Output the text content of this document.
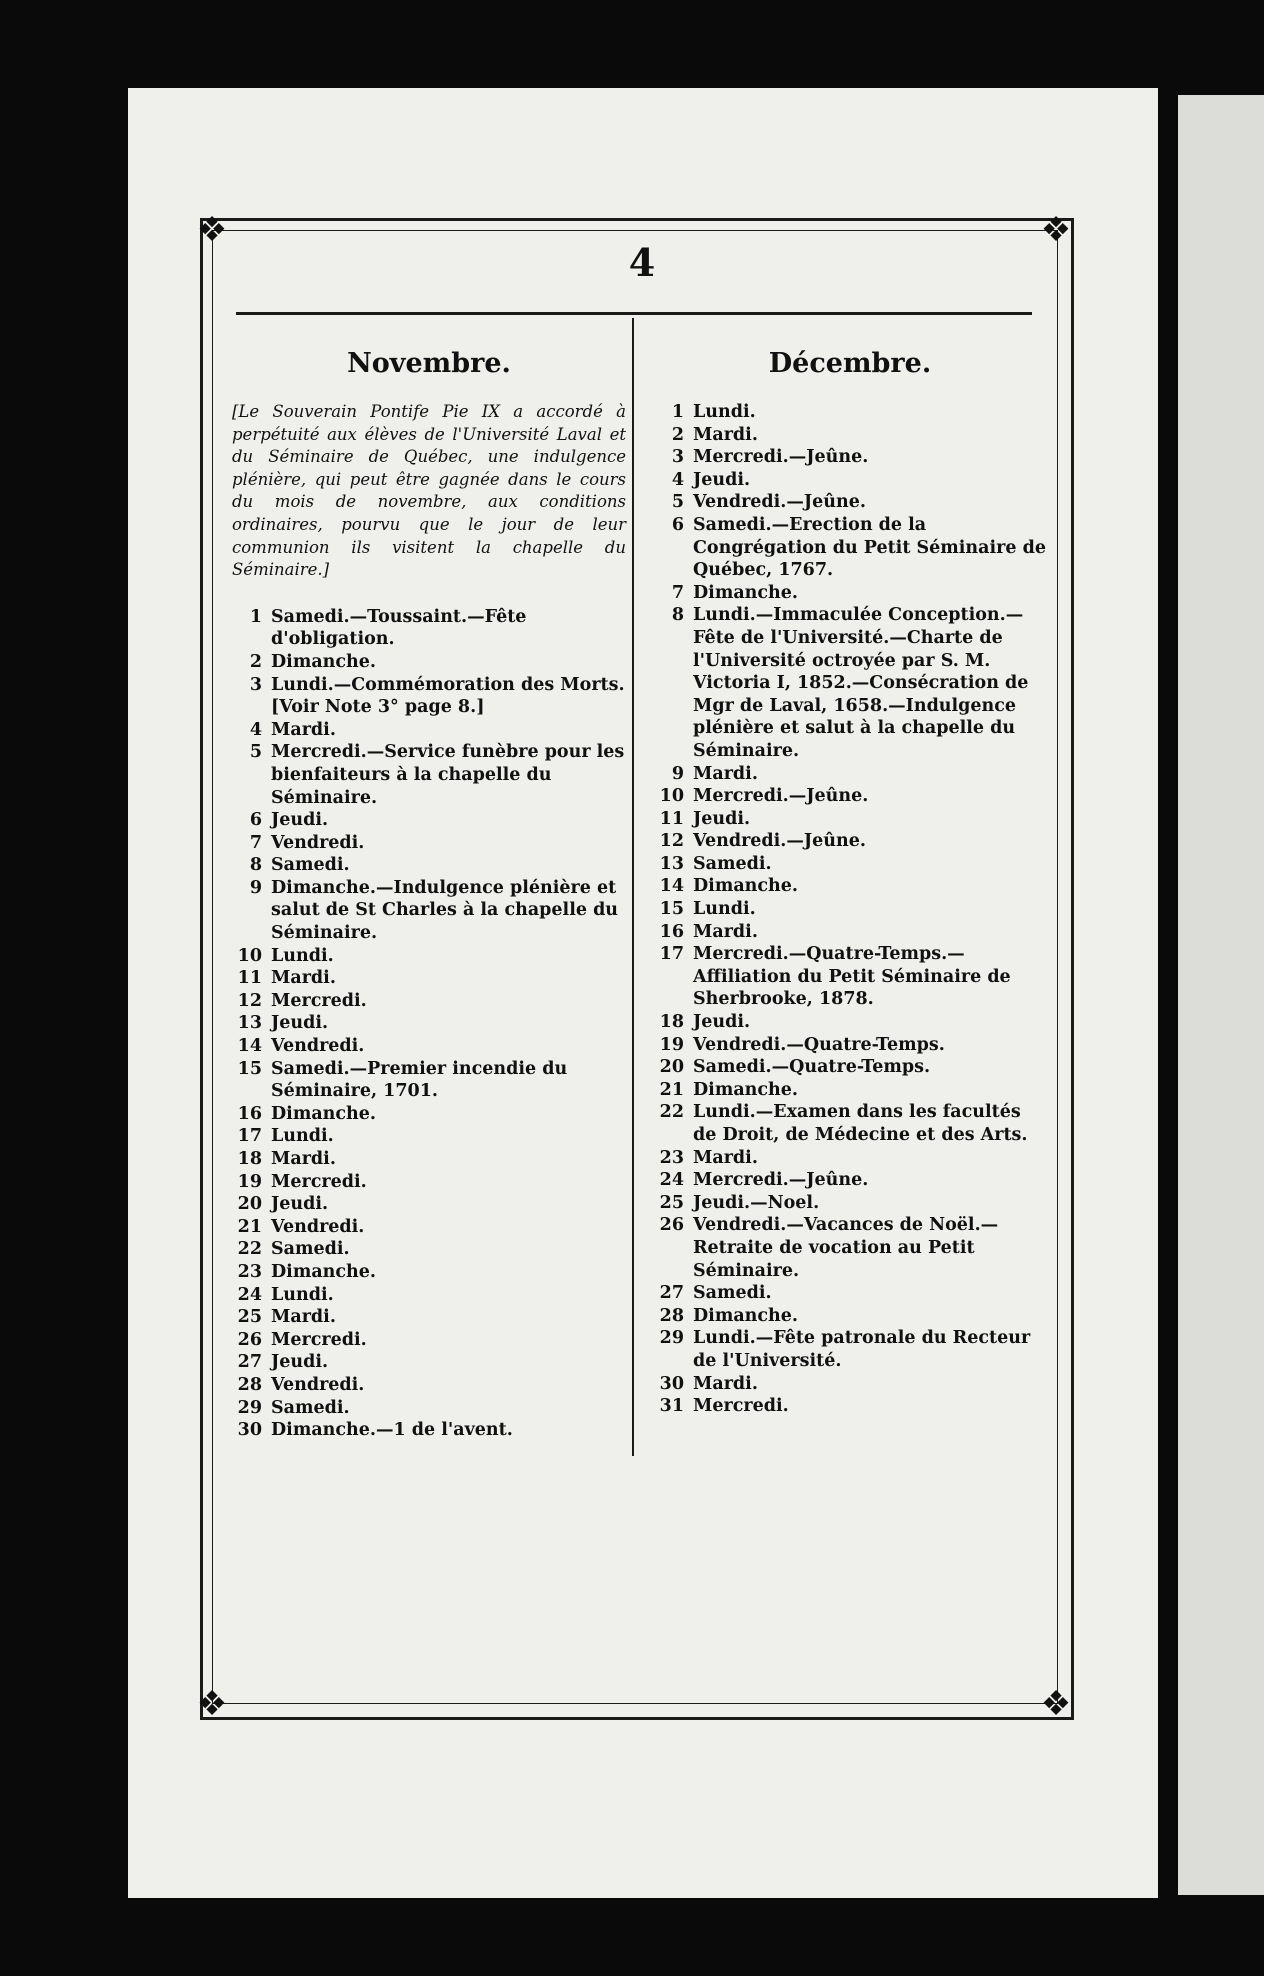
❖	❖
❖	❖
4
Novembre.
[Le Souverain Pontife Pie IX a accordé à perpétuité aux élèves de l'Université Laval et du Séminaire de Québec, une indulgence plénière, qui peut être gagnée dans le cours du mois de novembre, aux conditions ordinaires, pourvu que le jour de leur communion ils visitent la chapelle du Séminaire.]
1 Samedi.—Toussaint.—Fête d'obligation.
2 Dimanche.
3 Lundi.—Commémoration des Morts. [Voir Note 3° page 8.]
4 Mardi.
5 Mercredi.—Service funèbre pour les bienfaiteurs à la chapelle du Séminaire.
6 Jeudi.
7 Vendredi.
8 Samedi.
9 Dimanche.—Indulgence plénière et salut de St Charles à la chapelle du Séminaire.
10 Lundi.
11 Mardi.
12 Mercredi.
13 Jeudi.
14 Vendredi.
15 Samedi.—Premier incendie du Séminaire, 1701.
16 Dimanche.
17 Lundi.
18 Mardi.
19 Mercredi.
20 Jeudi.
21 Vendredi.
22 Samedi.
23 Dimanche.
24 Lundi.
25 Mardi.
26 Mercredi.
27 Jeudi.
28 Vendredi.
29 Samedi.
30 Dimanche.—1 de l'avent.
Décembre.
1 Lundi.
2 Mardi.
3 Mercredi.—Jeûne.
4 Jeudi.
5 Vendredi.—Jeûne.
6 Samedi.—Erection de la Congrégation du Petit Séminaire de Québec, 1767.
7 Dimanche.
8 Lundi.—Immaculée Conception.—Fête de l'Université.—Charte de l'Université octroyée par S. M. Victoria I, 1852.—Consécration de Mgr de Laval, 1658.—Indulgence plénière et salut à la chapelle du Séminaire.
9 Mardi.
10 Mercredi.—Jeûne.
11 Jeudi.
12 Vendredi.—Jeûne.
13 Samedi.
14 Dimanche.
15 Lundi.
16 Mardi.
17 Mercredi.—Quatre-Temps.—Affiliation du Petit Séminaire de Sherbrooke, 1878.
18 Jeudi.
19 Vendredi.—Quatre-Temps.
20 Samedi.—Quatre-Temps.
21 Dimanche.
22 Lundi.—Examen dans les facultés de Droit, de Médecine et des Arts.
23 Mardi.
24 Mercredi.—Jeûne.
25 Jeudi.—Noel.
26 Vendredi.—Vacances de Noël.—Retraite de vocation au Petit Séminaire.
27 Samedi.
28 Dimanche.
29 Lundi.—Fête patronale du Recteur de l'Université.
30 Mardi.
31 Mercredi.
